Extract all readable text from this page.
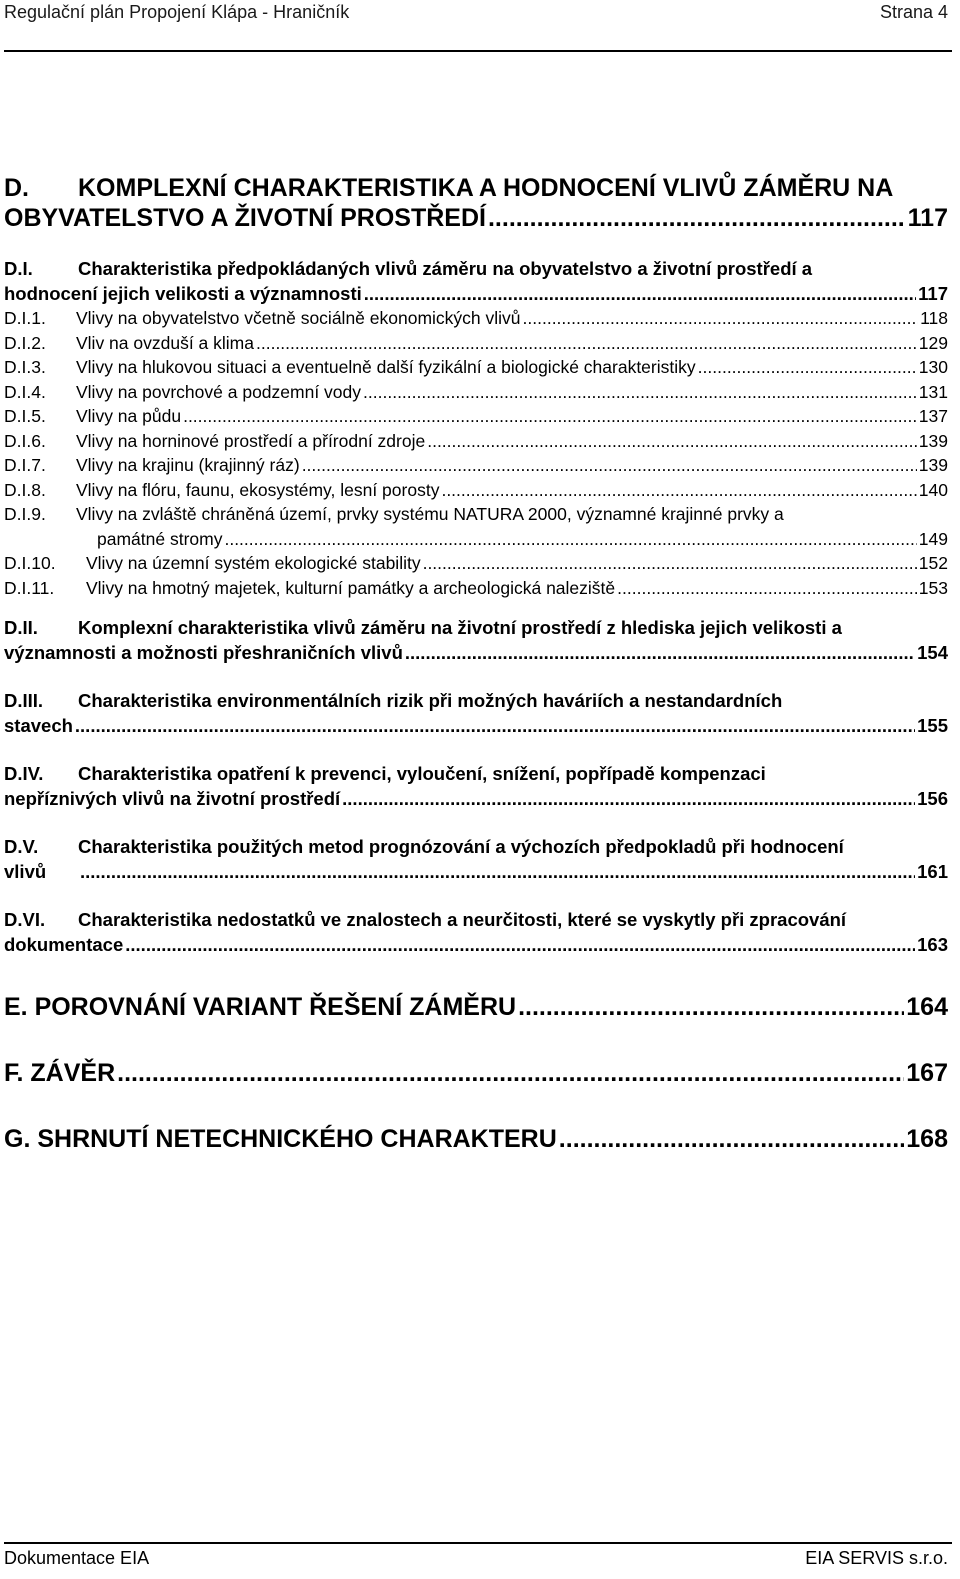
Regulační plán Propojení Klápa - Hraničník	Strana 4
D.	KOMPLEXNÍ CHARAKTERISTIKA A HODNOCENÍ VLIVŮ ZÁMĚRU NA
OBYVATELSTVO A ŽIVOTNÍ PROSTŘEDÍ .....	117
D.I.	Charakteristika předpokládaných vlivů záměru na obyvatelstvo a životní prostředí a
hodnocení jejich velikosti a významnosti .....	117
D.I.1.	Vlivy na obyvatelstvo včetně sociálně ekonomických vlivů .....	118
D.I.2.	Vliv na ovzduší a klima .....	129
D.I.3.	Vlivy na hlukovou situaci a eventuelně další fyzikální a biologické charakteristiky .....	130
D.I.4.	Vlivy na povrchové a podzemní vody .....	131
D.I.5.	Vlivy na půdu .....	137
D.I.6.	Vlivy na horninové prostředí a přírodní zdroje .....	139
D.I.7.	Vlivy na krajinu (krajinný ráz) .....	139
D.I.8.	Vlivy na flóru, faunu, ekosystémy, lesní porosty .....	140
D.I.9.	Vlivy na zvláště chráněná území, prvky systému NATURA 2000, významné krajinné prvky a
památné stromy .....	149
D.I.10.	Vlivy na územní systém ekologické stability .....	152
D.I.11.	Vlivy na hmotný majetek, kulturní památky a archeologická naleziště .....	153
D.II.	Komplexní charakteristika vlivů záměru na životní prostředí z hlediska jejich velikosti a
významnosti a možnosti přeshraničních vlivů .....	154
D.III.	Charakteristika environmentálních rizik při možných haváriích a nestandardních
stavech .....	155
D.IV.	Charakteristika opatření k prevenci, vyloučení, snížení, popřípadě kompenzaci
nepříznivých vlivů na životní prostředí .....	156
D.V.	Charakteristika použitých metod prognózování a výchozích předpokladů při hodnocení
vlivů .....	161
D.VI.	Charakteristika nedostatků ve znalostech a neurčitosti, které se vyskytly při zpracování
dokumentace .....	163
E. POROVNÁNÍ VARIANT ŘEŠENÍ ZÁMĚRU .....	164
F. ZÁVĚR .....	167
G. SHRNUTÍ NETECHNICKÉHO CHARAKTERU .....	168
Dokumentace EIA	EIA SERVIS s.r.o.
